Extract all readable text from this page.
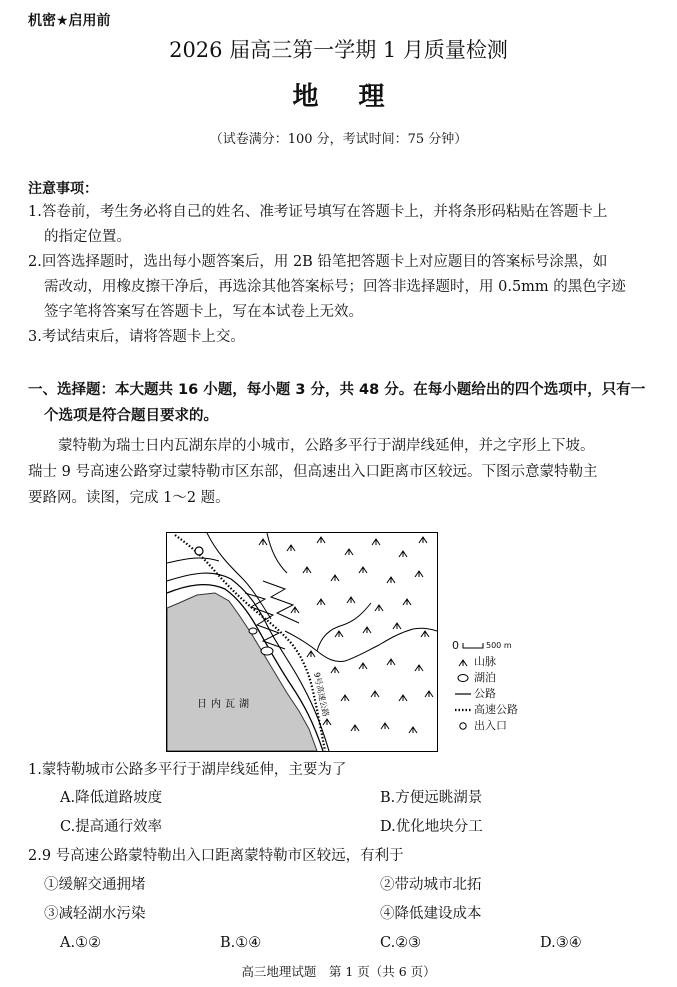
机密★启用前
2026 届高三第一学期 1 月质量检测
地理
（试卷满分：100 分，考试时间：75 分钟）
注意事项：
1.答卷前，考生务必将自己的姓名、准考证号填写在答题卡上，并将条形码粘贴在答题卡上
的指定位置。
2.回答选择题时，选出每小题答案后，用 2B 铅笔把答题卡上对应题目的答案标号涂黑，如
需改动，用橡皮擦干净后，再选涂其他答案标号；回答非选择题时，用 0.5mm 的黑色字迹
签字笔将答案写在答题卡上，写在本试卷上无效。
3.考试结束后，请将答题卡上交。
一、选择题：本大题共 16 小题，每小题 3 分，共 48 分。在每小题给出的四个选项中，只有一
个选项是符合题目要求的。
蒙特勒为瑞士日内瓦湖东岸的小城市，公路多平行于湖岸线延伸，并之字形上下坡。
瑞士 9 号高速公路穿过蒙特勒市区东部，但高速出入口距离市区较远。下图示意蒙特勒主
要路网。读图，完成 1～2 题。
日内瓦湖	9号高速公路
0	500 m
山脉
湖泊
公路
高速公路
出入口
1.蒙特勒城市公路多平行于湖岸线延伸，主要为了
A.降低道路坡度	B.方便远眺湖景
C.提高通行效率	D.优化地块分工
2.9 号高速公路蒙特勒出入口距离蒙特勒市区较远，有利于
①缓解交通拥堵	②带动城市北拓
③减轻湖水污染	④降低建设成本
A.①②	B.①④	C.②③	D.③④
高三地理试题　第 1 页（共 6 页）
